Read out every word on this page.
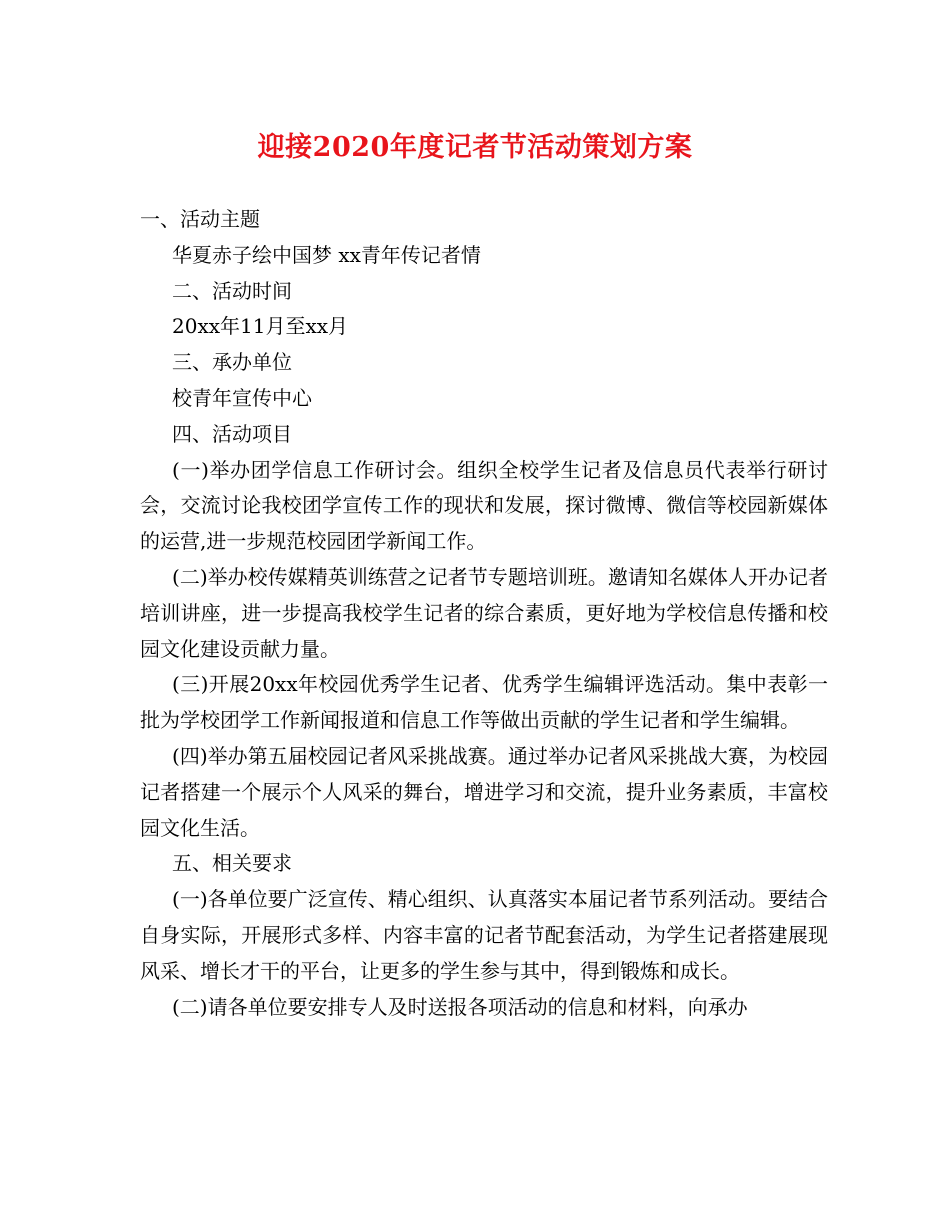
迎接2020年度记者节活动策划方案

一、活动主题

华夏赤子绘中国梦 xx青年传记者情

二、活动时间

20xx年11月至xx月

三、承办单位

校青年宣传中心

四、活动项目

(一)举办团学信息工作研讨会。组织全校学生记者及信息员代表举行研讨会，交流讨论我校团学宣传工作的现状和发展，探讨微博、微信等校园新媒体的运营,进一步规范校园团学新闻工作。

(二)举办校传媒精英训练营之记者节专题培训班。邀请知名媒体人开办记者培训讲座，进一步提高我校学生记者的综合素质，更好地为学校信息传播和校园文化建设贡献力量。

(三)开展20xx年校园优秀学生记者、优秀学生编辑评选活动。集中表彰一批为学校团学工作新闻报道和信息工作等做出贡献的学生记者和学生编辑。

(四)举办第五届校园记者风采挑战赛。通过举办记者风采挑战大赛，为校园记者搭建一个展示个人风采的舞台，增进学习和交流，提升业务素质，丰富校园文化生活。

五、相关要求

(一)各单位要广泛宣传、精心组织、认真落实本届记者节系列活动。要结合自身实际，开展形式多样、内容丰富的记者节配套活动，为学生记者搭建展现风采、增长才干的平台，让更多的学生参与其中，得到锻炼和成长。

(二)请各单位要安排专人及时送报各项活动的信息和材料，向承办
